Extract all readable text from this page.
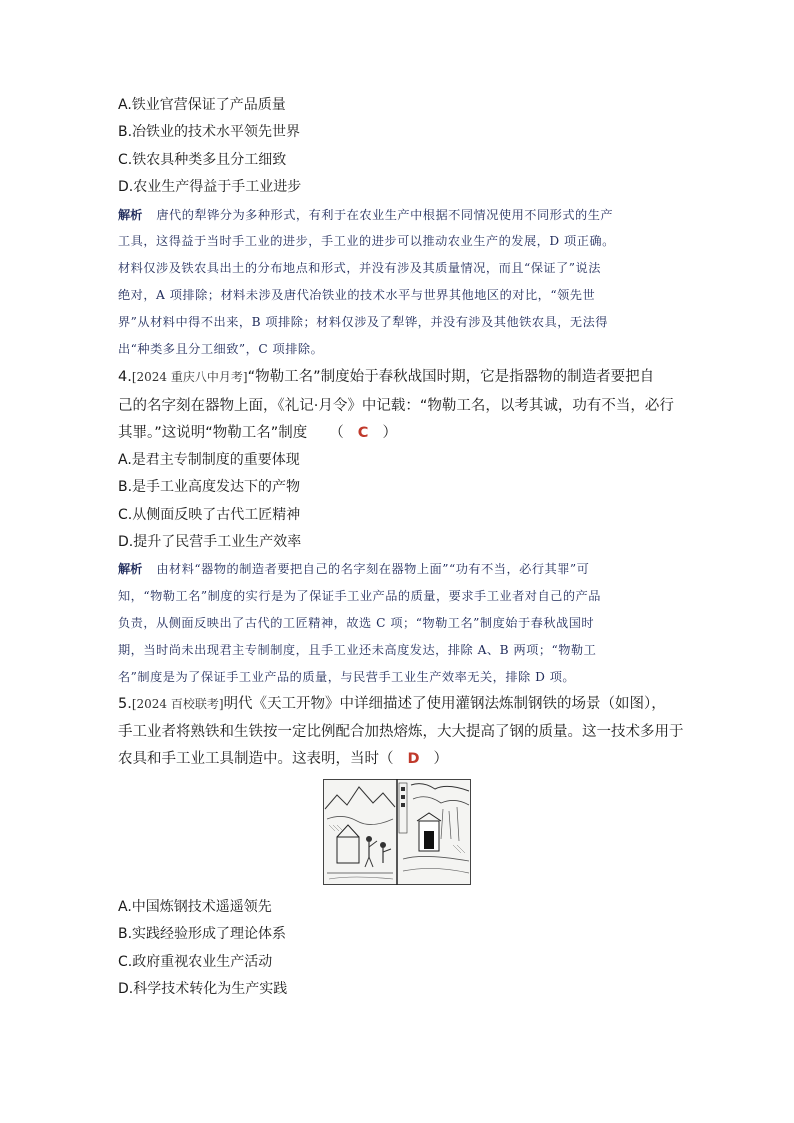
A.铁业官营保证了产品质量
B.冶铁业的技术水平领先世界
C.铁农具种类多且分工细致
D.农业生产得益于手工业进步
解析 唐代的犁铧分为多种形式，有利于在农业生产中根据不同情况使用不同形式的生产
工具，这得益于当时手工业的进步，手工业的进步可以推动农业生产的发展，D 项正确。
材料仅涉及铁农具出土的分布地点和形式，并没有涉及其质量情况，而且“保证了”说法
绝对，A 项排除；材料未涉及唐代冶铁业的技术水平与世界其他地区的对比，“领先世
界”从材料中得不出来，B 项排除；材料仅涉及了犁铧，并没有涉及其他铁农具，无法得
出“种类多且分工细致”，C 项排除。
4.[2024 重庆八中月考]“物勒工名”制度始于春秋战国时期，它是指器物的制造者要把自
己的名字刻在器物上面，《礼记·月令》中记载：“物勒工名，以考其诚，功有不当，必行
其罪。”这说明“物勒工名”制度 （ C ）
A.是君主专制制度的重要体现
B.是手工业高度发达下的产物
C.从侧面反映了古代工匠精神
D.提升了民营手工业生产效率
解析 由材料“器物的制造者要把自己的名字刻在器物上面”“功有不当，必行其罪”可
知，“物勒工名”制度的实行是为了保证手工业产品的质量，要求手工业者对自己的产品
负责，从侧面反映出了古代的工匠精神，故选 C 项；“物勒工名”制度始于春秋战国时
期，当时尚未出现君主专制制度，且手工业还未高度发达，排除 A、B 两项；“物勒工
名”制度是为了保证手工业产品的质量，与民营手工业生产效率无关，排除 D 项。
5.[2024 百校联考]明代《天工开物》中详细描述了使用灌钢法炼制钢铁的场景（如图），
手工业者将熟铁和生铁按一定比例配合加热熔炼，大大提高了钢的质量。这一技术多用于
农具和手工业工具制造中。这表明，当时（ D ）
A.中国炼钢技术遥遥领先
B.实践经验形成了理论体系
C.政府重视农业生产活动
D.科学技术转化为生产实践
